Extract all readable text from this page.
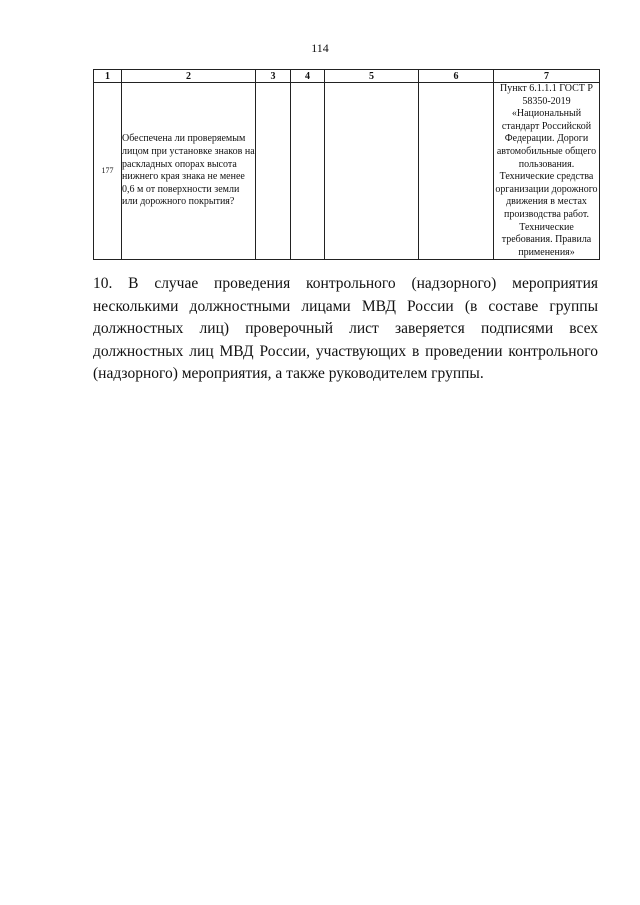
114
1	2	3	4	5	6	7
177	Обеспечена ли проверяемым лицом при установке знаков на раскладных опорах высота нижнего края знака не менее 0,6 м от поверхности земли или дорожного покрытия?					Пункт 6.1.1.1 ГОСТ Р 58350-2019 «Национальный стандарт Российской Федерации. Дороги автомобильные общего пользования. Технические средства организации дорожного движения в местах производства работ. Технические требования. Правила применения»

10. В случае проведения контрольного (надзорного) мероприятия несколькими должностными лицами МВД России (в составе группы должностных лиц) проверочный лист заверяется подписями всех должностных лиц МВД России, участвующих в проведении контрольного (надзорного) мероприятия, а также руководителем группы.
